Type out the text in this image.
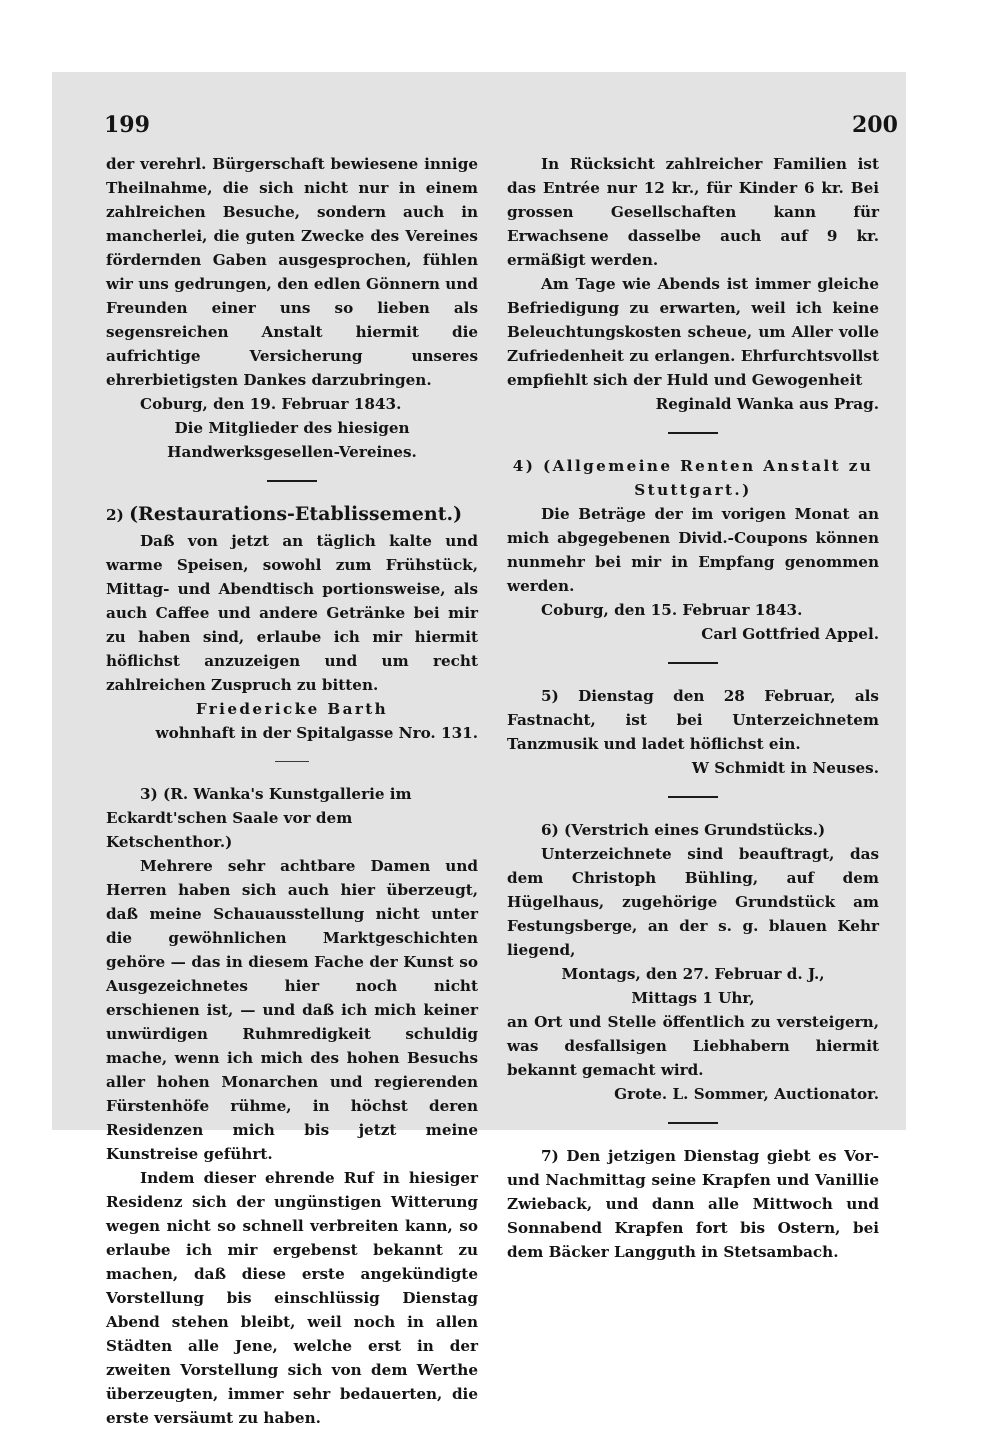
199	200

der verehrl. Bürgerschaft bewiesene innige Theilnahme, die sich nicht nur in einem zahlreichen Besuche, sondern auch in mancherlei, die guten Zwecke des Vereines fördernden Gaben ausgesprochen, fühlen wir uns gedrungen, den edlen Gönnern und Freunden einer uns so lieben als segensreichen Anstalt hiermit die aufrichtige Versicherung unseres ehrerbietigsten Dankes darzubringen.

Coburg, den 19. Februar 1843.

Die Mitglieder des hiesigen Handwerksgesellen-Vereines.

2) (Restaurations-Etablissement.)

Daß von jetzt an täglich kalte und warme Speisen, sowohl zum Frühstück, Mittag- und Abendtisch portionsweise, als auch Caffee und andere Getränke bei mir zu haben sind, erlaube ich mir hiermit höflichst anzuzeigen und um recht zahlreichen Zuspruch zu bitten.

Friedericke Barth

wohnhaft in der Spitalgasse Nro. 131.

3) (R. Wanka's Kunstgallerie im Eckardt'schen Saale vor dem Ketschenthor.)

Mehrere sehr achtbare Damen und Herren haben sich auch hier überzeugt, daß meine Schauausstellung nicht unter die gewöhnlichen Marktgeschichten gehöre — das in diesem Fache der Kunst so Ausgezeichnetes hier noch nicht erschienen ist, — und daß ich mich keiner unwürdigen Ruhmredigkeit schuldig mache, wenn ich mich des hohen Besuchs aller hohen Monarchen und regierenden Fürstenhöfe rühme, in höchst deren Residenzen mich bis jetzt meine Kunstreise geführt.

Indem dieser ehrende Ruf in hiesiger Residenz sich der ungünstigen Witterung wegen nicht so schnell verbreiten kann, so erlaube ich mir ergebenst bekannt zu machen, daß diese erste angekündigte Vorstellung bis einschlüssig Dienstag Abend stehen bleibt, weil noch in allen Städten alle Jene, welche erst in der zweiten Vorstellung sich von dem Werthe überzeugten, immer sehr bedauerten, die erste versäumt zu haben.

In Rücksicht zahlreicher Familien ist das Entrée nur 12 kr., für Kinder 6 kr. Bei grossen Gesellschaften kann für Erwachsene dasselbe auch auf 9 kr. ermäßigt werden.

Am Tage wie Abends ist immer gleiche Befriedigung zu erwarten, weil ich keine Beleuchtungskosten scheue, um Aller volle Zufriedenheit zu erlangen. Ehrfurchtsvollst empfiehlt sich der Huld und Gewogenheit

Reginald Wanka aus Prag.

4) (Allgemeine Renten Anstalt zu Stuttgart.)

Die Beträge der im vorigen Monat an mich abgegebenen Divid.-Coupons können nunmehr bei mir in Empfang genommen werden.

Coburg, den 15. Februar 1843.

Carl Gottfried Appel.

5) Dienstag den 28 Februar, als Fastnacht, ist bei Unterzeichnetem Tanzmusik und ladet höflichst ein.

W Schmidt in Neuses.

6) (Verstrich eines Grundstücks.)

Unterzeichnete sind beauftragt, das dem Christoph Bühling, auf dem Hügelhaus, zugehörige Grundstück am Festungsberge, an der s. g. blauen Kehr liegend,

Montags, den 27. Februar d. J.,

Mittags 1 Uhr,

an Ort und Stelle öffentlich zu versteigern, was desfallsigen Liebhabern hiermit bekannt gemacht wird.

Grote. L. Sommer, Auctionator.

7) Den jetzigen Dienstag giebt es Vor- und Nachmittag seine Krapfen und Vanillie Zwieback, und dann alle Mittwoch und Sonnabend Krapfen fort bis Ostern, bei dem Bäcker Langguth in Stetsambach.
